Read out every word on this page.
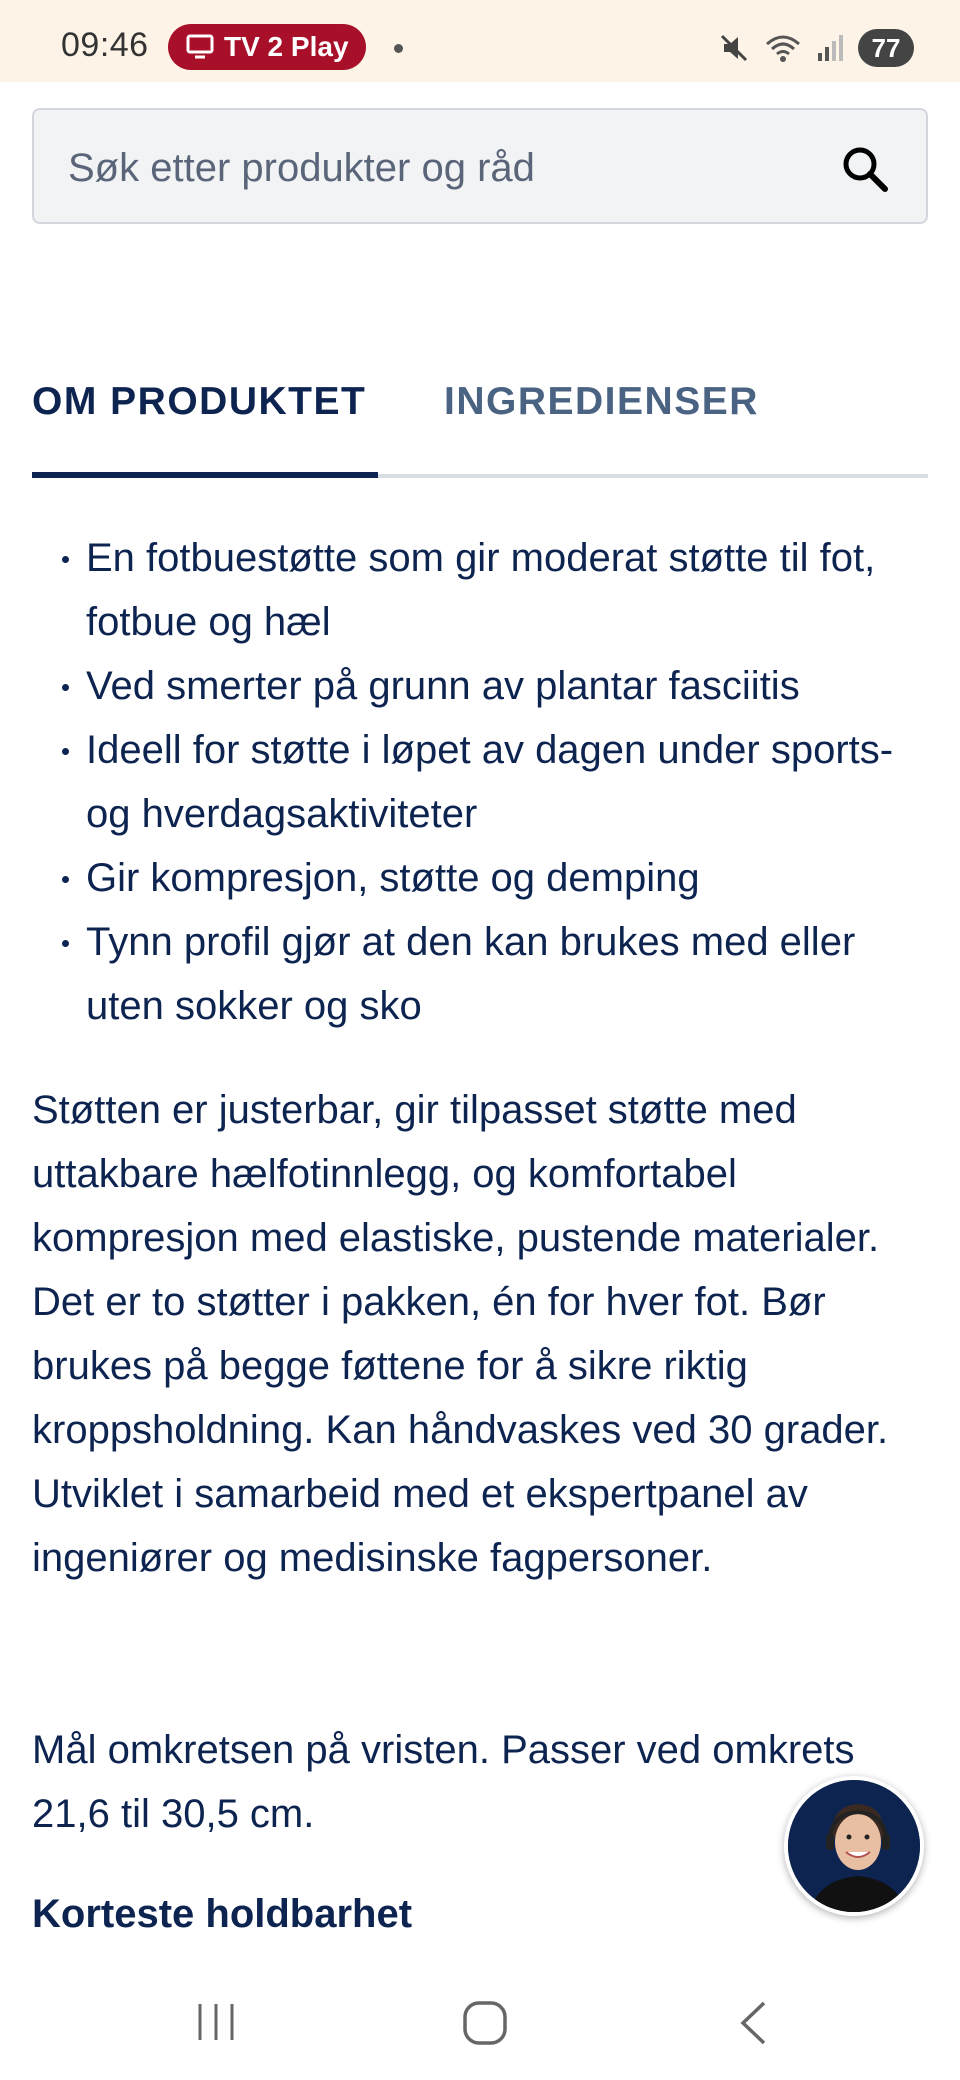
09:46	TV 2 Play	77
Søk etter produkter og råd
OM PRODUKTET INGREDIENSER
En fotbuestøtte som gir moderat støtte til fot, fotbue og hæl
Ved smerter på grunn av plantar fasciitis
Ideell for støtte i løpet av dagen under sports- og hverdagsaktiviteter
Gir kompresjon, støtte og demping
Tynn profil gjør at den kan brukes med eller uten sokker og sko

Støtten er justerbar, gir tilpasset støtte med uttakbare hælfotinnlegg, og komfortabel kompresjon med elastiske, pustende materialer. Det er to støtter i pakken, én for hver fot. Bør brukes på begge føttene for å sikre riktig kroppsholdning. Kan håndvaskes ved 30 grader. Utviklet i samarbeid med et ekspertpanel av ingeniører og medisinske fagpersoner.

Mål omkretsen på vristen. Passer ved omkrets 21,6 til 30,5 cm.

Korteste holdbarhet
